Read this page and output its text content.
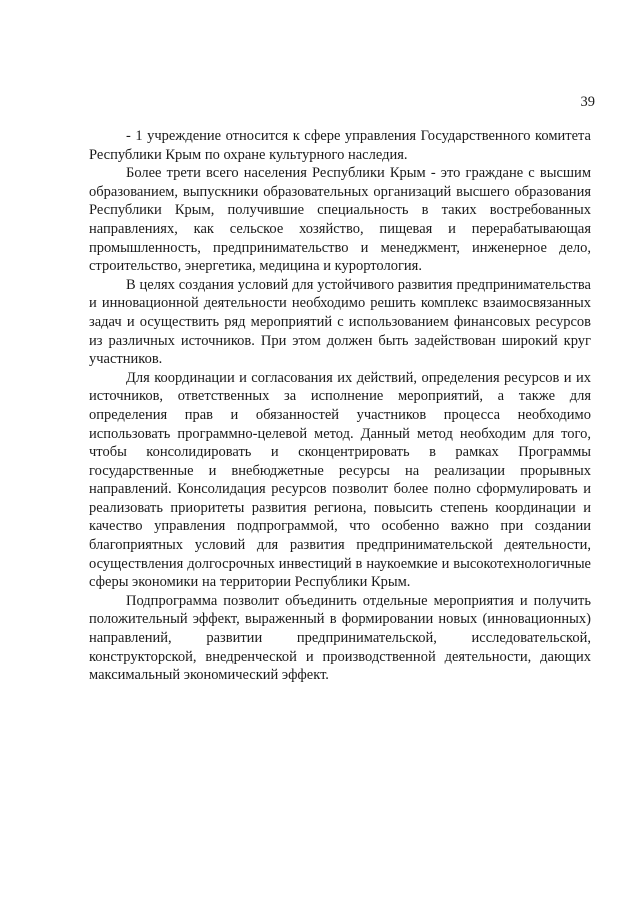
39

- 1 учреждение относится к сфере управления Государственного комитета Республики Крым по охране культурного наследия.

Более трети всего населения Республики Крым - это граждане с высшим образованием, выпускники образовательных организаций высшего образования Республики Крым, получившие специальность в таких востребованных направлениях, как сельское хозяйство, пищевая и перерабатывающая промышленность, предпринимательство и менеджмент, инженерное дело, строительство, энергетика, медицина и курортология.

В целях создания условий для устойчивого развития предпринимательства и инновационной деятельности необходимо решить комплекс взаимосвязанных задач и осуществить ряд мероприятий с использованием финансовых ресурсов из различных источников. При этом должен быть задействован широкий круг участников.

Для координации и согласования их действий, определения ресурсов и их источников, ответственных за исполнение мероприятий, а также для определения прав и обязанностей участников процесса необходимо использовать программно-целевой метод. Данный метод необходим для того, чтобы консолидировать и сконцентрировать в рамках Программы государственные и внебюджетные ресурсы на реализации прорывных направлений. Консолидация ресурсов позволит более полно сформулировать и реализовать приоритеты развития региона, повысить степень координации и качество управления подпрограммой, что особенно важно при создании благоприятных условий для развития предпринимательской деятельности, осуществления долгосрочных инвестиций в наукоемкие и высокотехнологичные сферы экономики на территории Республики Крым.

Подпрограмма позволит объединить отдельные мероприятия и получить положительный эффект, выраженный в формировании новых (инновационных) направлений, развитии предпринимательской, исследовательской, конструкторской, внедренческой и производственной деятельности, дающих максимальный экономический эффект.
